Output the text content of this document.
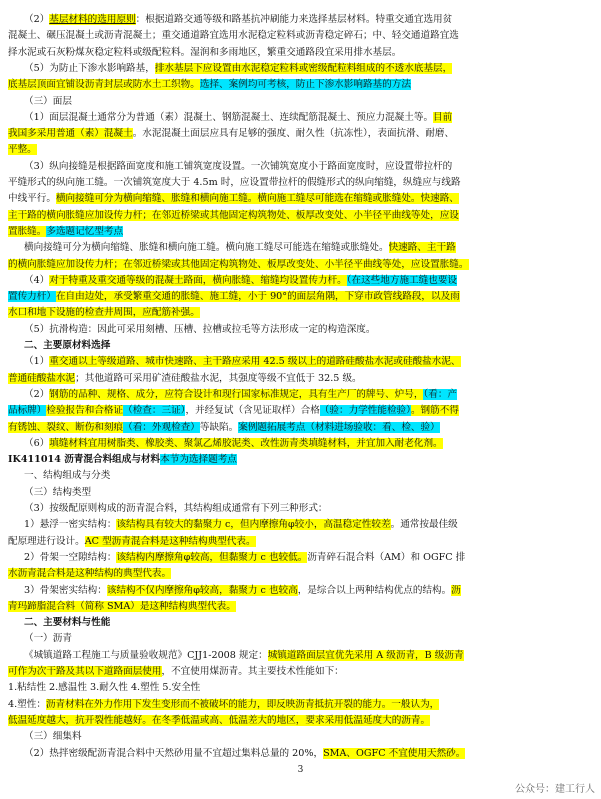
（2）基层材料的选用原则：根据道路交通等级和路基抗冲刷能力来选择基层材料。特重交通宜选用贫
混凝土、碾压混凝土或沥青混凝土；重交通道路宜选用水泥稳定粒料或沥青稳定碎石；中、轻交通道路宜选
择水泥或石灰粉煤灰稳定粒料或级配粒料。湿润和多雨地区，繁重交通路段宜采用排水基层。
（5）为防止下渗水影响路基，排水基层下应设置由水泥稳定粒料或密级配粒料组成的不透水底基层，
底基层顶面宜铺设沥青封层或防水土工织物。选择、案例均可考核，防止下渗水影响路基的方法
（三）面层
（1）面层混凝土通常分为普通（素）混凝土、钢筋混凝土、连续配筋混凝土、预应力混凝土等。目前
我国多采用普通（素）混凝土。水泥混凝土面层应具有足够的强度、耐久性（抗冻性），表面抗滑、耐磨、
平整。
（3）纵向接缝是根据路面宽度和施工铺筑宽度设置。一次铺筑宽度小于路面宽度时，应设置带拉杆的
平缝形式的纵向施工缝。一次铺筑宽度大于 4.5m 时，应设置带拉杆的假缝形式的纵向缩缝，纵缝应与线路
中线平行。横向接缝可分为横向缩缝、胀缝和横向施工缝。横向施工缝尽可能选在缩缝或胀缝处。快速路、
主干路的横向胀缝应加设传力杆；在邻近桥梁或其他固定构筑物处、板厚改变处、小半径平曲线等处，应设
置胀缝。多选题记忆型考点
横向接缝可分为横向缩缝、胀缝和横向施工缝。横向施工缝尽可能选在缩缝或胀缝处。快速路、主干路
的横向胀缝应加设传力杆；在邻近桥梁或其他固定构筑物处、板厚改变处、小半径平曲线等处，应设置胀缝。
（4）对于特重及重交通等级的混凝土路面，横向胀缝、缩缝均设置传力杆。（在这些地方施工缝也要设
置传力杆）在自由边处，承受繁重交通的胀缝、施工缝，小于 90°的面层角隅，下穿市政管线路段，以及雨
水口和地下设施的检查井周围，应配筋补强。
（5）抗滑构造：因此可采用刻槽、压槽、拉槽或拉毛等方法形成一定的构造深度。
二、主要原材料选择
（1）重交通以上等级道路、城市快速路、主干路应采用 42.5 级以上的道路硅酸盐水泥或硅酸盐水泥、
普通硅酸盐水泥；其他道路可采用矿渣硅酸盐水泥，其强度等级不宜低于 32.5 级。
（2）钢筋的品种、规格、成分，应符合设计和现行国家标准规定，具有生产厂的牌号、炉号，（看：产
品标牌）检验报告和合格证（检查：三证），并经复试（含见证取样）合格（验：力学性能检验）。钢筋不得
有锈蚀、裂纹、断伤和刻痕（看：外观检查）等缺陷。案例题拓展考点（材料进场验收：看、检、验）
（6）填缝材料宜用树脂类、橡胶类、聚氯乙烯胶泥类、改性沥青类填缝材料，并宜加入耐老化剂。
IK411014 沥青混合料组成与材料本节为选择题考点
一、结构组成与分类
（三）结构类型
（3）按级配原则构成的沥青混合料，其结构组成通常有下列三种形式：
1）悬浮一密实结构：该结构具有较大的黏聚力 c，但内摩擦角φ较小，高温稳定性较差。通常按最佳级
配原理进行设计。AC 型沥青混合料是这种结构典型代表。
2）骨架一空隙结构：该结构内摩擦角φ较高，但黏聚力 c 也较低。沥青碎石混合料（AM）和 OGFC 排
水沥青混合料是这种结构的典型代表。
3）骨架密实结构：该结构不仅内摩擦角φ较高，黏聚力 c 也较高，是综合以上两种结构优点的结构。沥
青玛蹄脂混合料（简称 SMA）是这种结构典型代表。
二、主要材料与性能
（一）沥青
《城镇道路工程施工与质量验收规范》CJJ1-2008 规定：城镇道路面层宜优先采用 A 级沥青，B 级沥青
可作为次干路及其以下道路面层使用，不宜使用煤沥青。其主要技术性能如下：
1.粘结性 2.感温性 3.耐久性 4.塑性 5.安全性
4.塑性：沥青材料在外力作用下发生变形而不被破坏的能力，即反映沥青抵抗开裂的能力。一般认为，
低温延度越大，抗开裂性能越好。在冬季低温或高、低温差大的地区，要求采用低温延度大的沥青。
（三）细集料
（2）热拌密级配沥青混合料中天然砂用量不宜超过集料总量的 20%，SMA、OGFC 不宜使用天然砂。
3
公众号：建工行人
